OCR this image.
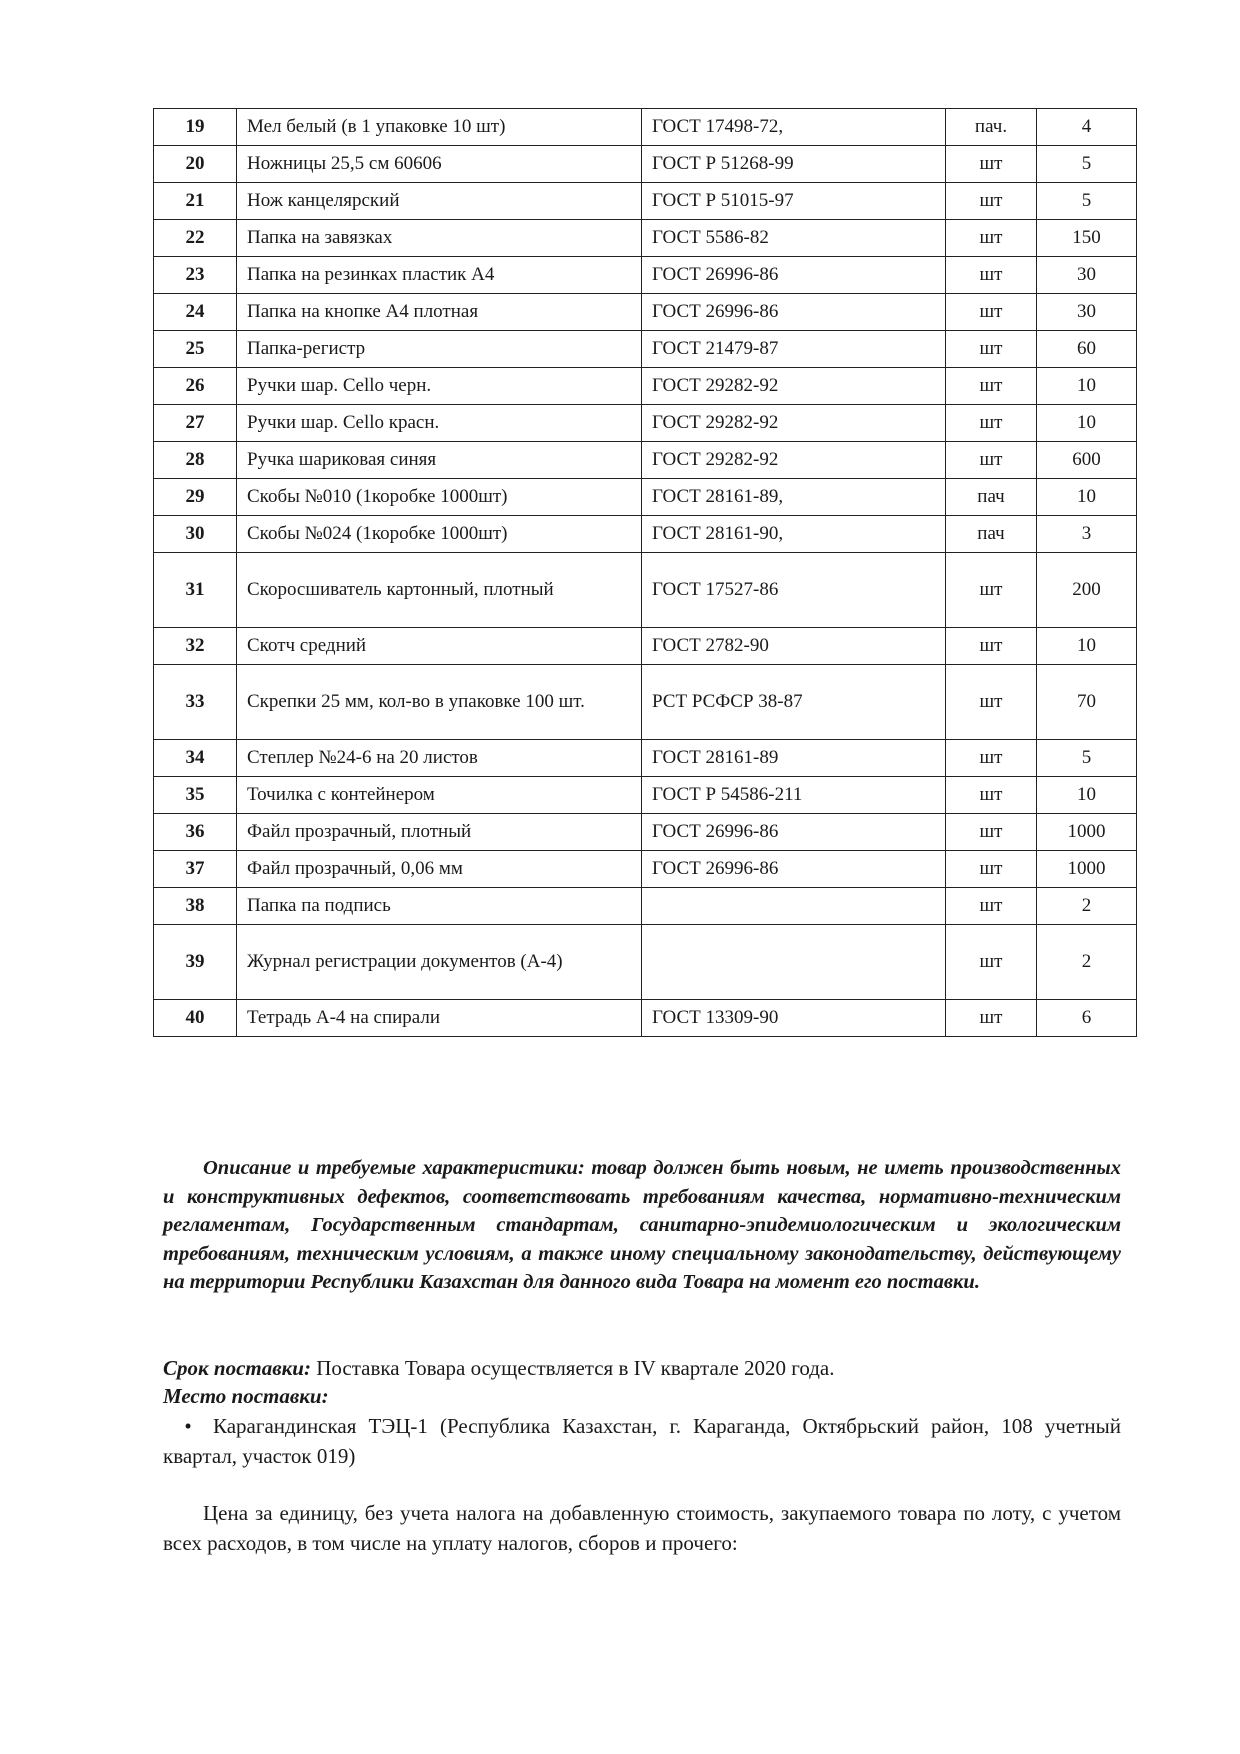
19	Мел белый (в 1 упаковке 10 шт)	ГОСТ 17498-72,	пач.	4
20	Ножницы 25,5 см 60606	ГОСТ Р 51268-99	шт	5
21	Нож канцелярский	ГОСТ Р 51015-97	шт	5
22	Папка на завязках	ГОСТ 5586-82	шт	150
23	Папка на резинках пластик А4	ГОСТ 26996-86	шт	30
24	Папка на кнопке А4 плотная	ГОСТ 26996-86	шт	30
25	Папка-регистр	ГОСТ 21479-87	шт	60
26	Ручки шар. Cello черн.	ГОСТ 29282-92	шт	10
27	Ручки шар. Cello красн.	ГОСТ 29282-92	шт	10
28	Ручка шариковая синяя	ГОСТ 29282-92	шт	600
29	Скобы №010 (1коробке 1000шт)	ГОСТ 28161-89,	пач	10
30	Скобы №024 (1коробке 1000шт)	ГОСТ 28161-90,	пач	3
31	Скоросшиватель картонный, плотный	ГОСТ 17527-86	шт	200
32	Скотч средний	ГОСТ 2782-90	шт	10
33	Скрепки 25 мм, кол-во в упаковке 100 шт.	РСТ РСФСР 38-87	шт	70
34	Степлер №24-6 на 20 листов	ГОСТ 28161-89	шт	5
35	Точилка с контейнером	ГОСТ Р 54586-211	шт	10
36	Файл прозрачный, плотный	ГОСТ 26996-86	шт	1000
37	Файл прозрачный, 0,06 мм	ГОСТ 26996-86	шт	1000
38	Папка па подпись		шт	2
39	Журнал регистрации документов (А-4)		шт	2
40	Тетрадь А-4 на спирали	ГОСТ 13309-90	шт	6

Описание и требуемые характеристики: товар должен быть новым, не иметь производственных и конструктивных дефектов, соответствовать требованиям качества, нормативно-техническим регламентам, Государственным стандартам, санитарно-эпидемиологическим и экологическим требованиям, техническим условиям, а также иному специальному законодательству, действующему на территории Республики Казахстан для данного вида Товара на момент его поставки.

Срок поставки: Поставка Товара осуществляется в IV квартале 2020 года.
Место поставки:

• Карагандинская ТЭЦ-1 (Республика Казахстан, г. Караганда, Октябрьский район, 108 учетный квартал, участок 019)

Цена за единицу, без учета налога на добавленную стоимость, закупаемого товара по лоту, с учетом всех расходов, в том числе на уплату налогов, сборов и прочего:
